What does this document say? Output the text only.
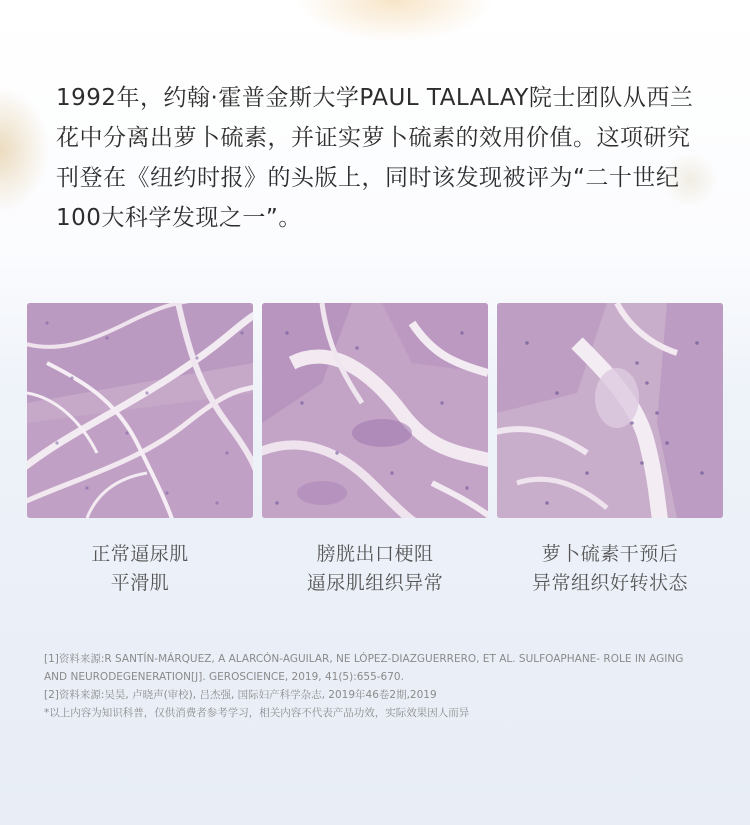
1992年，约翰·霍普金斯大学PAUL TALALAY院士团队从西兰花中分离出萝卜硫素，并证实萝卜硫素的效用价值。这项研究刊登在《纽约时报》的头版上，同时该发现被评为“二十世纪100大科学发现之一”。

正常逼尿肌
平滑肌
膀胱出口梗阻
逼尿肌组织异常
萝卜硫素干预后
异常组织好转状态
[1]资料来源:R SANTÍN-MÁRQUEZ, A ALARCÓN-AGUILAR, NE LÓPEZ-DIAZGUERRERO, ET AL. SULFOAPHANE- ROLE IN AGING AND NEURODEGENERATION[J]. GEROSCIENCE, 2019, 41(5):655-670.
[2]资料来源:吴昊, 卢晓声(审校), 吕杰强, 国际妇产科学杂志, 2019年46卷2期,2019
*以上内容为知识科普，仅供消费者参考学习，相关内容不代表产品功效，实际效果因人而异
